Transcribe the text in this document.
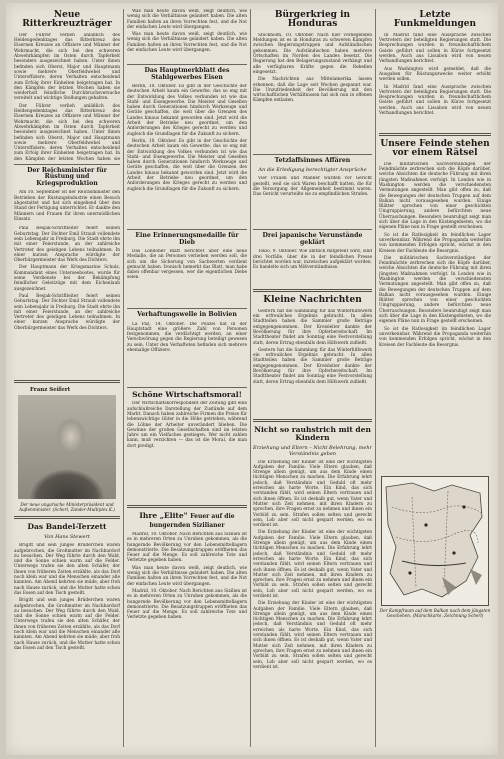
Neue Ritterkreuzträger

Der Führer verlieh anläßlich des Heldengedenktages das Ritterkreuz des Eisernen Kreuzes an Offiziere und Männer der Wehrmacht, die sich bei den schweren Abwehrkämpfen im Osten durch Tapferkeit besonders ausgezeichnet haben. Unter ihnen befinden sich Oberst, Major und Hauptmann sowie mehrere Oberfeldwebel und Unteroffiziere, deren Verhalten entscheidend zum Erfolg ihrer Einheiten beigetragen hat. In den Kämpfen der letzten Wochen haben sie wiederholt feindliche Durchbruchsversuche vereitelt und wichtige Stellungen gehalten.

Der Führer verlieh anläßlich des Heldengedenktages das Ritterkreuz des Eisernen Kreuzes an Offiziere und Männer der Wehrmacht, die sich bei den schweren Abwehrkämpfen im Osten durch Tapferkeit besonders ausgezeichnet haben. Unter ihnen befinden sich Oberst, Major und Hauptmann sowie mehrere Oberfeldwebel und Unteroffiziere, deren Verhalten entscheidend zum Erfolg ihrer Einheiten beigetragen hat. In den Kämpfen der letzten Wochen haben sie

Der Reichsminister für Rüstung und Kriegsproduktion

Am 10. September ist der Reichsminister den Betrieben der Rüstungsindustrie einen Besuch abgestattet und hat sich eingehend über den Stand der Fertigung unterrichtet. Er dankte den Männern und Frauen für ihren unermüdlichen Einsatz.

Paul Besjak-Schriftleiter feiert seinen Geburtstag. Der Dichter Emil Strauß vollendete sein Lebensjahr in Freiburg. Die Stadt ehrte ihn mit einer Feierstunde, an der zahlreiche Vertreter des geistigen Lebens teilnahmen. In einer kurzen Ansprache würdigte der Oberbürgermeister das Werk des Dichters.

Der Hauptmann der Kriegsmarine Schulz, Kommandant eines Unterseebootes, wurde für seine Verdienste bei der Bekämpfung feindlicher Geleitzüge mit dem Eichenlaub ausgezeichnet.

Paul Besjak-Schriftleiter feiert seinen Geburtstag. Der Dichter Emil Strauß vollendete sein Lebensjahr in Freiburg. Die Stadt ehrte ihn mit einer Feierstunde, an der zahlreiche Vertreter des geistigen Lebens teilnahmen. In einer kurzen Ansprache würdigte der Oberbürgermeister das Werk des Dichters.

Franz Seifert
Der neue ungarische Ministerpräsident und Außenminister. (Scherl, Zander-Multiplex K.)
Das Bandel-Terzett
Von Hans Stewert

Brigitt und sein junges Brüderchen waren aufgebrochen, die Großmutter im Nachbardorf zu besuchen. Der Weg führte durch den Wald, und die Sonne schien warm auf die Felder. Unterwegs trafen sie den alten Schäfer, der ihnen von früheren Zeiten erzählte, als das Dorf noch klein war und die Menschen einander alle kannten. Am Abend kehrten sie müde, aber froh nach Hause zurück, und die Mutter hatte schon das Essen auf den Tisch gestellt.

Brigitt und sein junges Brüderchen waren aufgebrochen, die Großmutter im Nachbardorf zu besuchen. Der Weg führte durch den Wald, und die Sonne schien warm auf die Felder. Unterwegs trafen sie den alten Schäfer, der ihnen von früheren Zeiten erzählte, als das Dorf noch klein war und die Menschen einander alle kannten. Am Abend kehrten sie müde, aber froh nach Hause zurück, und die Mutter hatte schon das Essen auf den Tisch gestellt.

Was man heute davon weiß, zeigt deutlich, wie wenig sich die Verhältnisse geändert haben. Die alten Familien halten an ihren Vorrechten fest, und die Not der einfachen Leute wird übergangen.

Was man heute davon weiß, zeigt deutlich, wie wenig sich die Verhältnisse geändert haben. Die alten Familien halten an ihren Vorrechten fest, und die Not der einfachen Leute wird übergangen.

Das Hauptmerkblatt des Stahlgewerbes Eisen

Berlin, 10. Oktober. Es gibt in der Geschichte der deutschen Arbeit kaum ein Gewerbe, das so eng mit der Entwicklung des Volkes verbunden ist wie das Stahl- und Eisengewerbe. Die Meister und Gesellen haben durch Generationen hindurch Werkzeuge und Geräte geschaffen, die weit über die Grenzen des Landes hinaus bekannt geworden sind. Jetzt wird die Arbeit der Betriebe neu geordnet, um den Anforderungen des Krieges gerecht zu werden und zugleich die Grundlagen für die Zukunft zu sichern.

Berlin, 10. Oktober. Es gibt in der Geschichte der deutschen Arbeit kaum ein Gewerbe, das so eng mit der Entwicklung des Volkes verbunden ist wie das Stahl- und Eisengewerbe. Die Meister und Gesellen haben durch Generationen hindurch Werkzeuge und Geräte geschaffen, die weit über die Grenzen des Landes hinaus bekannt geworden sind. Jetzt wird die Arbeit der Betriebe neu geordnet, um den Anforderungen des Krieges gerecht zu werden und zugleich die Grundlagen für die Zukunft zu sichern.

Eine Erinnerungsmedaille für Dieb

Das Londoner Blatt berichtet über eine neue Medaille, die an Personen verliehen werden soll, die sich um die Sicherung von Sachwerten verdient gemacht haben. Ironisch bemerkt das Blatt, man habe dabei offenbar vergessen, wer die eigentlichen Diebe seien.

Verhaftungswelle in Bolivien

La Paz, 14. Oktober. Die Polizei hat in der Hauptstadt eine größere Zahl von Personen festgenommen, die verdächtigt werden, an einer Verschwörung gegen die Regierung beteiligt gewesen zu sein. Unter den Verhafteten befinden sich mehrere ehemalige Offiziere.

Schöne Wirtschaftsmoral!

Der Wirtschaftskorrespondent der Zeitung gibt eine aufschlußreiche Darstellung der Zustände auf dem Markt. Danach haben zahlreiche Firmen die Preise für lebenswichtige Güter in die Höhe getrieben, während die Löhne der Arbeiter unverändert blieben. Die Gewinne der großen Gesellschaften sind im letzten Jahre um ein Vielfaches gestiegen. Wer nicht zahlen kann, muß verzichten — das ist die Moral, die man dort predigt.

Ihre „Elite" Feuer auf die bungernden Sizilianer

Madrid, 10. Oktober. Nach Berichten aus Sizilien ist es in mehreren Orten zu Unruhen gekommen, als die hungernde Bevölkerung vor den Lebensmittellagern demonstrierte. Die Besatzungstruppen eröffneten das Feuer auf die Menge. Es soll zahlreiche Tote und Verletzte gegeben haben.

Was man heute davon weiß, zeigt deutlich, wie wenig sich die Verhältnisse geändert haben. Die alten Familien halten an ihren Vorrechten fest, und die Not der einfachen Leute wird übergangen.

Madrid, 10. Oktober. Nach Berichten aus Sizilien ist es in mehreren Orten zu Unruhen gekommen, als die hungernde Bevölkerung vor den Lebensmittellagern demonstrierte. Die Besatzungstruppen eröffneten das Feuer auf die Menge. Es soll zahlreiche Tote und Verletzte gegeben haben.

Bürgerkrieg in Honduras

Stockholm, 10. Oktober. Nach hier vorliegenden Meldungen ist es in Honduras zu schweren Kämpfen zwischen Regierungstruppen und Aufständischen gekommen. Die Aufständischen haben mehrere Ortschaften im Norden des Landes besetzt. Die Regierung hat den Belagerungszustand verhängt und alle verfügbaren Kräfte gegen die Rebellen eingesetzt.

Die Nachrichten aus Mittelamerika lassen erkennen, daß die Lage seit Wochen gespannt war. Die Unzufriedenheit der Bevölkerung mit den wirtschaftlichen Verhältnissen hat sich nun in offenen Kämpfen entladen.

Tetzlaffsinnes Affären
An die Erledigung berechtigter Ansprüche

Vier Frauen und Männer wurden vor Gericht gestellt, weil sie sich Waren beschafft hatten, die für die Versorgung der Allgemeinheit bestimmt waren. Das Gericht verurteilte sie zu empfindlichen Strafen.

Drei japanische Verunstände geklärt

Tokio, 9. Oktober. Wie amtlich mitgeteilt wird, sind drei Vorfälle, über die in der feindlichen Presse berichtet worden war, inzwischen aufgeklärt worden. Es handelte sich um Mißverständnisse.

Kleine Nachrichten

Gestern hat die Sammlung für das Winterhilfswerk ein erfreuliches Ergebnis gebracht. In allen Stadtteilen haben die Sammler große Beträge entgegengenommen. Der Kreisleiter dankte der Bevölkerung für ihre Opferbereitschaft. Im Stadttheater findet am Sonntag eine Festvorstellung statt, deren Ertrag ebenfalls dem Hilfswerk zufließt.

Gestern hat die Sammlung für das Winterhilfswerk ein erfreuliches Ergebnis gebracht. In allen Stadtteilen haben die Sammler große Beträge entgegengenommen. Der Kreisleiter dankte der Bevölkerung für ihre Opferbereitschaft. Im Stadttheater findet am Sonntag eine Festvorstellung statt, deren Ertrag ebenfalls dem Hilfswerk zufließt.

Nicht so rauhstrich mit den Kindern
Erziehung und Eltern – Nicht Belehrung, mehr Verständnis geben

Die Erziehung der Kinder ist eine der wichtigsten Aufgaben der Familie. Viele Eltern glauben, daß Strenge allein genügt, um aus dem Kinde einen tüchtigen Menschen zu machen. Die Erfahrung lehrt jedoch, daß Verständnis und Geduld oft mehr erreichen als harte Worte. Ein Kind, das sich verstanden fühlt, wird seinen Eltern vertrauen und sich ihnen öffnen. Es ist deshalb gut, wenn Vater und Mutter sich Zeit nehmen, mit ihren Kindern zu sprechen, ihre Fragen ernst zu nehmen und ihnen ein Vorbild zu sein. Strafen sollen selten und gerecht sein, Lob aber soll nicht gespart werden, wo es verdient ist.

Die Erziehung der Kinder ist eine der wichtigsten Aufgaben der Familie. Viele Eltern glauben, daß Strenge allein genügt, um aus dem Kinde einen tüchtigen Menschen zu machen. Die Erfahrung lehrt jedoch, daß Verständnis und Geduld oft mehr erreichen als harte Worte. Ein Kind, das sich verstanden fühlt, wird seinen Eltern vertrauen und sich ihnen öffnen. Es ist deshalb gut, wenn Vater und Mutter sich Zeit nehmen, mit ihren Kindern zu sprechen, ihre Fragen ernst zu nehmen und ihnen ein Vorbild zu sein. Strafen sollen selten und gerecht sein, Lob aber soll nicht gespart werden, wo es verdient ist.

Die Erziehung der Kinder ist eine der wichtigsten Aufgaben der Familie. Viele Eltern glauben, daß Strenge allein genügt, um aus dem Kinde einen tüchtigen Menschen zu machen. Die Erfahrung lehrt jedoch, daß Verständnis und Geduld oft mehr erreichen als harte Worte. Ein Kind, das sich verstanden fühlt, wird seinen Eltern vertrauen und sich ihnen öffnen. Es ist deshalb gut, wenn Vater und Mutter sich Zeit nehmen, mit ihren Kindern zu sprechen, ihre Fragen ernst zu nehmen und ihnen ein Vorbild zu sein. Strafen sollen selten und gerecht sein, Lob aber soll nicht gespart werden, wo es verdient ist.

Letzte Funkmeldungen

In Madrid fand eine Aussprache zwischen Vertretern der beteiligten Regierungen statt. Die Besprechungen wurden in freundschaftlichem Geiste geführt und sollen in Kürze fortgesetzt werden. Auch aus Lissabon wird von neuen Verhandlungen berichtet.

Aus Washington wird gemeldet, daß die Ausgaben für Rüstungszwecke weiter erhöht werden sollen.

In Madrid fand eine Aussprache zwischen Vertretern der beteiligten Regierungen statt. Die Besprechungen wurden in freundschaftlichem Geiste geführt und sollen in Kürze fortgesetzt werden. Auch aus Lissabon wird von neuen Verhandlungen berichtet.

Unsere Feinde stehen vor einem Rätsel

Die militärischen Sachverständigen der Feindmächte zerbrechen sich die Köpfe darüber, welche Absichten die deutsche Führung mit ihren jüngsten Maßnahmen verfolgt. In London wie in Washington werden die verschiedensten Vermutungen angestellt. Man gibt offen zu, daß die Bewegungen der deutschen Truppen auf dem Balkan nicht vorausgesehen wurden. Einige Blätter sprechen von einer geschickten Umgruppierung, andere befürchten neue Überraschungen. Besonders beunruhigt zeigt man sich über die Lage in den Küstengebieten, wo die eigenen Pläne nun in Frage gestellt erscheinen.

So ist die Ratlosigkeit im feindlichen Lager unverkennbar. Während die Propaganda weiterhin von kommenden Erfolgen spricht, wächst in den Kreisen der Fachleute die Besorgnis.

Die militärischen Sachverständigen der Feindmächte zerbrechen sich die Köpfe darüber, welche Absichten die deutsche Führung mit ihren jüngsten Maßnahmen verfolgt. In London wie in Washington werden die verschiedensten Vermutungen angestellt. Man gibt offen zu, daß die Bewegungen der deutschen Truppen auf dem Balkan nicht vorausgesehen wurden. Einige Blätter sprechen von einer geschickten Umgruppierung, andere befürchten neue Überraschungen. Besonders beunruhigt zeigt man sich über die Lage in den Küstengebieten, wo die eigenen Pläne nun in Frage gestellt erscheinen.

So ist die Ratlosigkeit im feindlichen Lager unverkennbar. Während die Propaganda weiterhin von kommenden Erfolgen spricht, wächst in den Kreisen der Fachleute die Besorgnis.

Der Kampfraum auf dem Balkan nach dem jüngsten Geschehen. (Marschkarte, Zeichnung Scherl)
